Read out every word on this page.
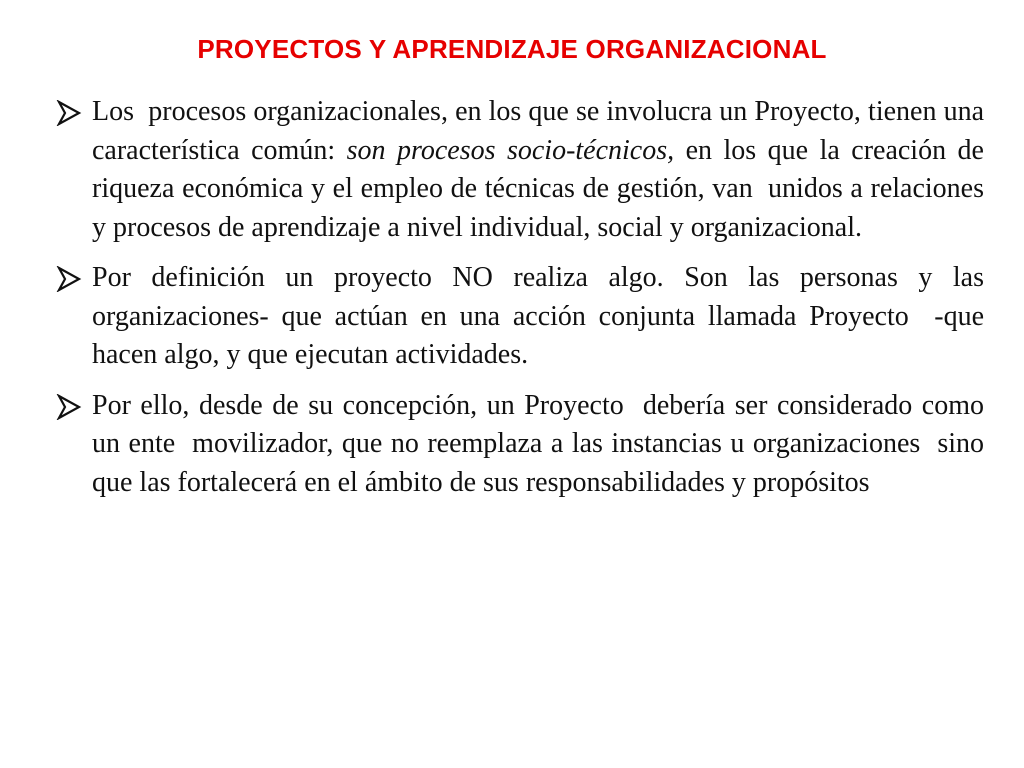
PROYECTOS Y APRENDIZAJE ORGANIZACIONAL
Los  procesos organizacionales, en los que se involucra un Proyecto, tienen una característica común: son procesos socio-técnicos, en los que la creación de riqueza económica y el empleo de técnicas de gestión, van  unidos a relaciones y procesos de aprendizaje a nivel individual, social y organizacional.
Por definición un proyecto NO realiza algo. Son las personas y las organizaciones- que actúan en una acción conjunta llamada Proyecto  -que hacen algo, y que ejecutan actividades.
Por ello, desde de su concepción, un Proyecto  debería ser considerado como un ente  movilizador, que no reemplaza a las instancias u organizaciones  sino que las fortalecerá en el ámbito de sus responsabilidades y propósitos
